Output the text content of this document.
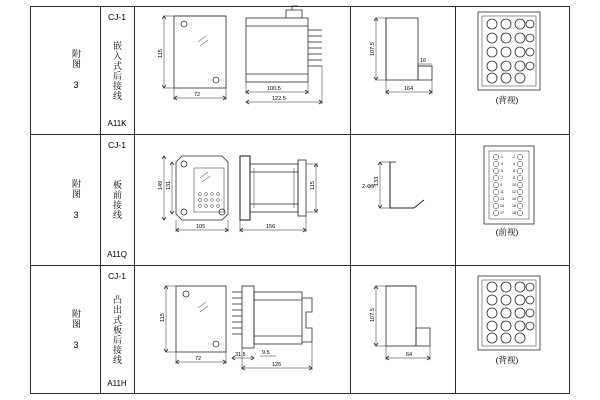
附图 3
CJ-1
嵌入式后接线
A11K
115
72
100.5
122.5
107.5
16
164
(背视)
附图 3
CJ-1
板前接线
A11Q
149 131
105
115
156
133
2-Φ5
1	2
3	4
5	6
7	8
9	10
11 12
13 14
15 16
17 18
(前视)
附图 3
CJ-1
凸出式板后接线
A11H
115
72
31.5	9.5
126
107.5
64	(背视)
